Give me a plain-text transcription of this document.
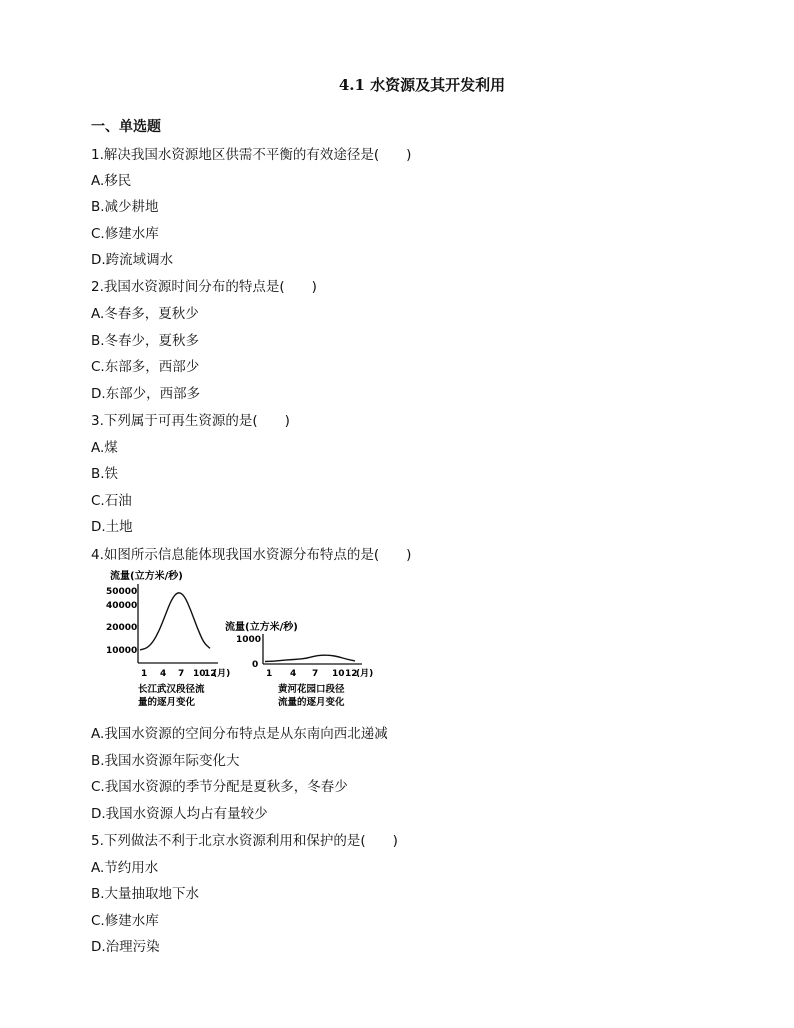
4.1 水资源及其开发利用
一、单选题
1.解决我国水资源地区供需不平衡的有效途径是(　　)
A.移民
B.减少耕地
C.修建水库
D.跨流域调水
2.我国水资源时间分布的特点是(　　)
A.冬春多，夏秋少
B.冬春少，夏秋多
C.东部多，西部少
D.东部少，西部多
3.下列属于可再生资源的是(　　)
A.煤
B.铁
C.石油
D.土地
4.如图所示信息能体现我国水资源分布特点的是(　　)
流量(立方米/秒)
50000
40000
20000
10000
1 4 7 10
12
(月)
长江武汉段径流
量的逐月变化
流量(立方米/秒)
1000
0
1 4 7 10 12
(月)
黄河花园口段径
流量的逐月变化
A.我国水资源的空间分布特点是从东南向西北递减
B.我国水资源年际变化大
C.我国水资源的季节分配是夏秋多，冬春少
D.我国水资源人均占有量较少
5.下列做法不利于北京水资源利用和保护的是(　　)
A.节约用水
B.大量抽取地下水
C.修建水库
D.治理污染
